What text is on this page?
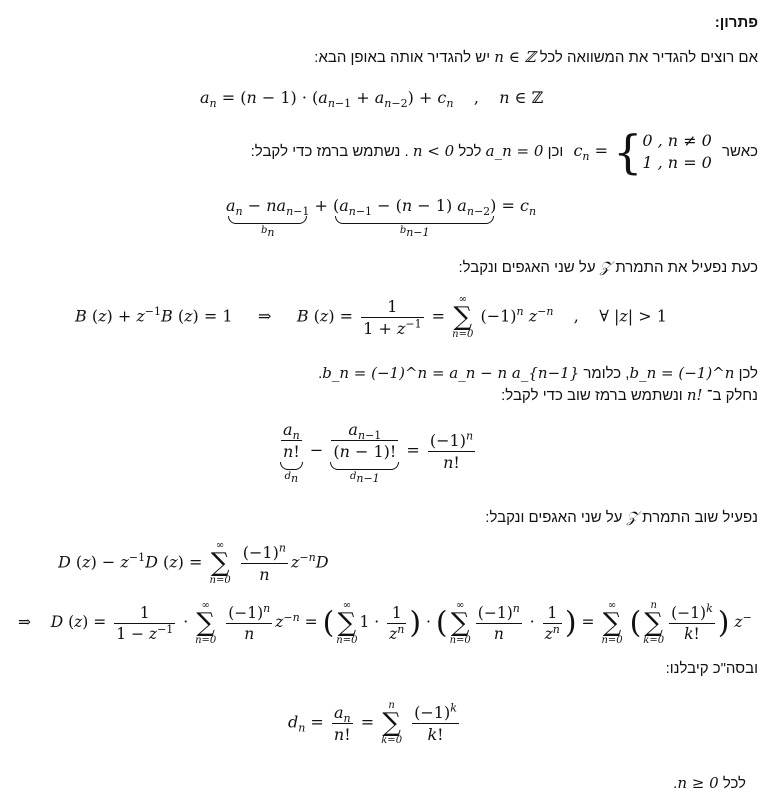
פתרון:
אם רוצים להגדיר את המשוואה לכל n ∈ ℤ יש להגדיר אותה באופן הבא:
$a_n = (n - 1) \cdot (a_{n-1} + a_{n-2}) + c_n$    ,    n ∈ ℤ
כאשר $c_n$ = { 0 , n ≠ 0
1 , n = 0
וכן a_n = 0 לכל n < 0 . נשתמש ברמז כדי לקבל:
$a_n - na_{n-1}$
$b_n$
+ ($a_{n-1} - (n - 1)$ $a_{n-2}$)
$b_{n-1}$
= $c_n$
כעת נפעיל את התמרת 𝒵 על שני האגפים ונקבל:
B $(z) + z^{-1}B$ (z) = 1     ⇒     B $(z) = \frac{1}{1 + z^{-1}}$ =
∞
∑
n=0
$(-1)^n$ $z^{-n}$    ,    ∀ |z| > 1
לכן b_n = (−1)^n, כלומר b_n = (−1)^n = a_n − n a_{n−1}.
נחלק ב־ n! ונשתמש ברמז שוב כדי לקבל:
$\frac{a_n}{n!}$
$d_n$
− $\frac{a_{n-1}}{(n - 1)!}$
$d_{n-1}$
= $\frac{(-1)^n}{n!}$
נפעיל שוב התמרת 𝒵 על שני האגפים ונקבל:
D $(z) - z^{-1}D$ (z) =
∞
∑
n=0
$\frac{(-1)^n}{n} z^{-n}D$
⇒    D $(z) = \frac{1}{1 - z^{-1}}$ ·
∞
∑
n=0
$\frac{(-1)^n}{n} z^{-n}$ = ( ∞
∑
n=0
$1 \cdot \frac{1}{z^n}$ ) · ( ∞
∑
$n=0 \frac{(-1)^n}{n} \cdot \frac{1}{z^n}$ ) =
∞
∑
n=0 ( n
∑
$k=0 \frac{(-1)^k}{k!}$ ) z−
ובסה"כ קיבלנו:
$d_n = \frac{a_n}{n!}$ =
n
∑
k=0
$\frac{(-1)^k}{k!}$
לכל n ≥ 0.
